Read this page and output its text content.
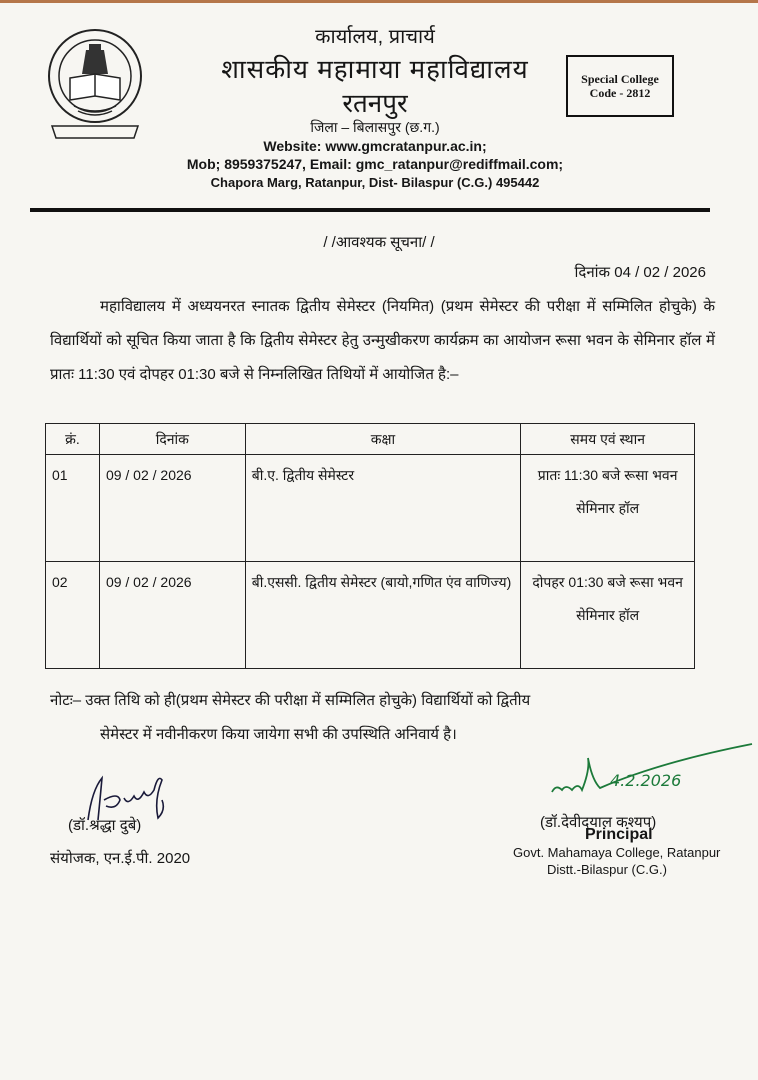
कार्यालय, प्राचार्य
शासकीय महामाया महाविद्यालय
रतनपुर
जिला – बिलासपुर (छ.ग.)
Website: www.gmcratanpur.ac.in;
Mob; 8959375247, Email: gmc_ratanpur@rediffmail.com;
Chapora Marg, Ratanpur, Dist- Bilaspur (C.G.) 495442
Special College
Code - 2812
/ /आवश्यक सूचना/ /
दिनांक 04 / 02 / 2026
महाविद्यालय में अध्ययनरत स्नातक द्वितीय सेमेस्टर (नियमित) (प्रथम सेमेस्टर की परीक्षा में सम्मिलित होचुके) के विद्यार्थियों को सूचित किया जाता है कि द्वितीय सेमेस्टर हेतु उन्मुखीकरण कार्यक्रम का आयोजन रूसा भवन के सेमिनार हॉल में प्रातः 11:30 एवं दोपहर 01:30 बजे से निम्नलिखित तिथियों में आयोजित है:–
क्रं.	दिनांक	कक्षा	समय एवं स्थान
01	09 / 02 / 2026	बी.ए. द्वितीय सेमेस्टर	प्रातः 11:30 बजे रूसा भवन सेमिनार हॉल
02	09 / 02 / 2026	बी.एससी. द्वितीय सेमेस्टर (बायो,गणित एंव वाणिज्य)	दोपहर 01:30 बजे रूसा भवन सेमिनार हॉल
नोटः– उक्त तिथि को ही(प्रथम सेमेस्टर की परीक्षा में सम्मिलित होचुके) विद्यार्थियों को द्वितीय
सेमेस्टर में नवीनीकरण किया जायेगा सभी की उपस्थिति अनिवार्य है।
(डॉ.श्रद्धा दुबे)
संयोजक, एन.ई.पी. 2020
4.2.2026
(डॉ.देवीदयाल कश्यप)
Principal
Govt. Mahamaya College, Ratanpur
Distt.-Bilaspur (C.G.)
